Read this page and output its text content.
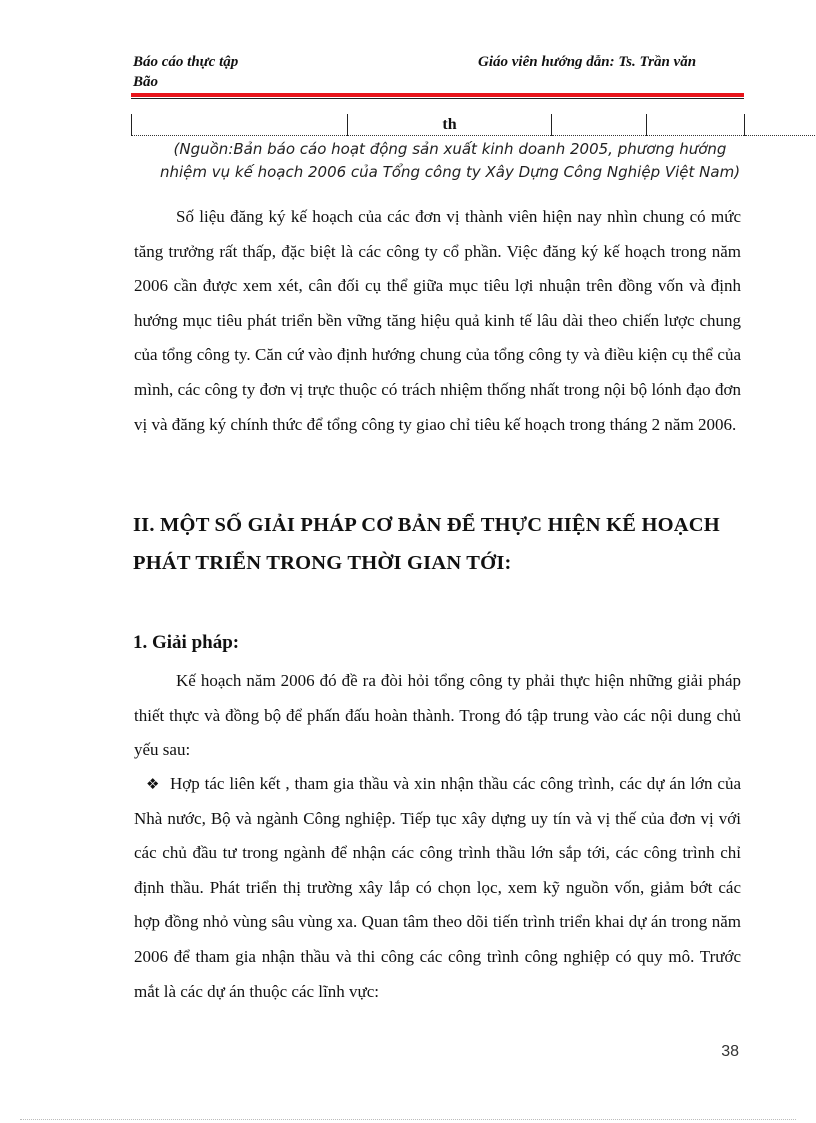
Báo cáo thực tập
Bão
Giáo viên hướng dẫn: Ts. Trần văn
	th			
(Nguồn:Bản báo cáo hoạt động sản xuất kinh doanh 2005, phương hướng
nhiệm vụ kế hoạch 2006 của Tổng công ty Xây Dựng Công Nghiệp Việt Nam)
Số liệu đăng ký kế hoạch của các đơn vị thành viên hiện nay nhìn chung có mức tăng trưởng rất thấp, đặc biệt là các công ty cổ phần. Việc đăng ký kế hoạch trong năm 2006 cần được xem xét, cân đối cụ thể giữa mục tiêu lợi nhuận trên đồng vốn và định hướng mục tiêu phát triển bền vững tăng hiệu quả kinh tế lâu dài theo chiến lược chung của tổng công ty. Căn cứ vào định hướng chung của tổng công ty và điều kiện cụ thể của mình, các công ty đơn vị trực thuộc có trách nhiệm thống nhất trong nội bộ lónh đạo đơn vị và đăng ký chính thức để tổng công ty giao chỉ tiêu kế hoạch trong tháng 2 năm 2006.
II. MỘT SỐ GIẢI PHÁP CƠ BẢN ĐỂ THỰC HIỆN KẾ HOẠCH PHÁT TRIỂN TRONG THỜI GIAN TỚI:
1. Giải pháp:
Kế hoạch năm 2006 đó đề ra đòi hỏi tổng công ty phải thực hiện những giải pháp thiết thực và đồng bộ để phấn đấu hoàn thành. Trong đó tập trung vào các nội dung chủ yếu sau:
❖ Hợp tác liên kết , tham gia thầu và xin nhận thầu các công trình, các dự án lớn của Nhà nước, Bộ và ngành Công nghiệp. Tiếp tục xây dựng uy tín và vị thế của đơn vị với các chủ đầu tư trong ngành để nhận các công trình thầu lớn sắp tới, các công trình chỉ định thầu. Phát triển thị trường xây lắp có chọn lọc, xem kỹ nguồn vốn, giảm bớt các hợp đồng nhỏ vùng sâu vùng xa. Quan tâm theo dõi tiến trình triển khai dự án trong năm 2006 để tham gia nhận thầu và thi công các công trình công nghiệp có quy mô. Trước mắt là các dự án thuộc các lĩnh vực:
38
